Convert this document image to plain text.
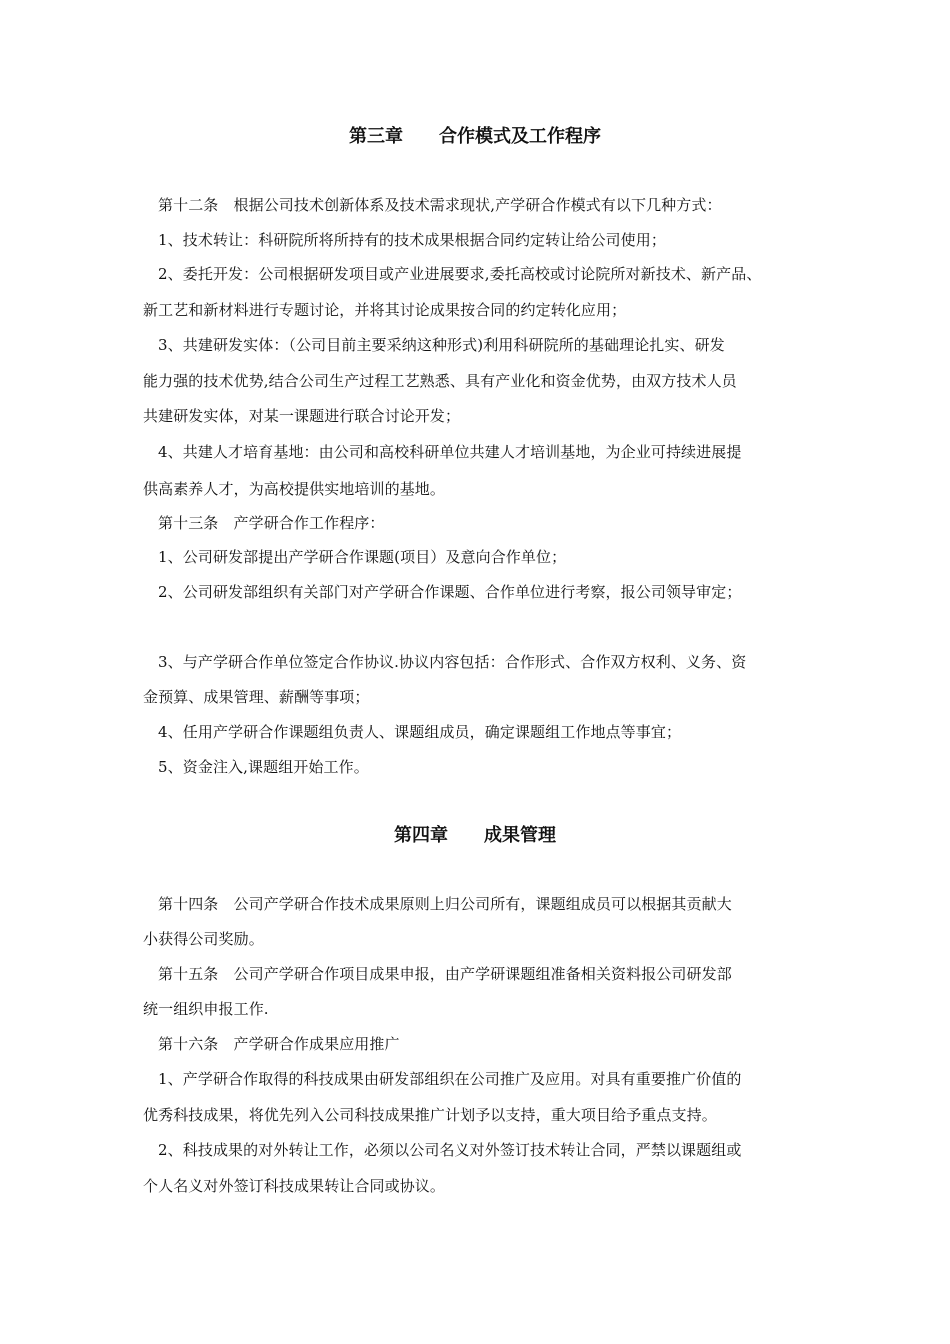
第三章　　合作模式及工作程序
第十二条　根据公司技术创新体系及技术需求现状,产学研合作模式有以下几种方式：
1、技术转让：科研院所将所持有的技术成果根据合同约定转让给公司使用；
2、委托开发：公司根据研发项目或产业进展要求,委托高校或讨论院所对新技术、新产品、
新工艺和新材料进行专题讨论，并将其讨论成果按合同的约定转化应用；
3、共建研发实体：（公司目前主要采纳这种形式)利用科研院所的基础理论扎实、研发
能力强的技术优势,结合公司生产过程工艺熟悉、具有产业化和资金优势，由双方技术人员
共建研发实体，对某一课题进行联合讨论开发；
4、共建人才培育基地：由公司和高校科研单位共建人才培训基地，为企业可持续进展提
供高素养人才，为高校提供实地培训的基地。
第十三条　产学研合作工作程序：
1、公司研发部提出产学研合作课题(项目）及意向合作单位；
2、公司研发部组织有关部门对产学研合作课题、合作单位进行考察，报公司领导审定；
3、与产学研合作单位签定合作协议.协议内容包括：合作形式、合作双方权利、义务、资
金预算、成果管理、薪酬等事项；
4、任用产学研合作课题组负责人、课题组成员，确定课题组工作地点等事宜；
5、资金注入,课题组开始工作。
第四章　　成果管理
第十四条　公司产学研合作技术成果原则上归公司所有，课题组成员可以根据其贡献大
小获得公司奖励。
第十五条　公司产学研合作项目成果申报，由产学研课题组准备相关资料报公司研发部
统一组织申报工作.
第十六条　产学研合作成果应用推广
1、产学研合作取得的科技成果由研发部组织在公司推广及应用。对具有重要推广价值的
优秀科技成果，将优先列入公司科技成果推广计划予以支持，重大项目给予重点支持。
2、科技成果的对外转让工作，必须以公司名义对外签订技术转让合同，严禁以课题组或
个人名义对外签订科技成果转让合同或协议。
